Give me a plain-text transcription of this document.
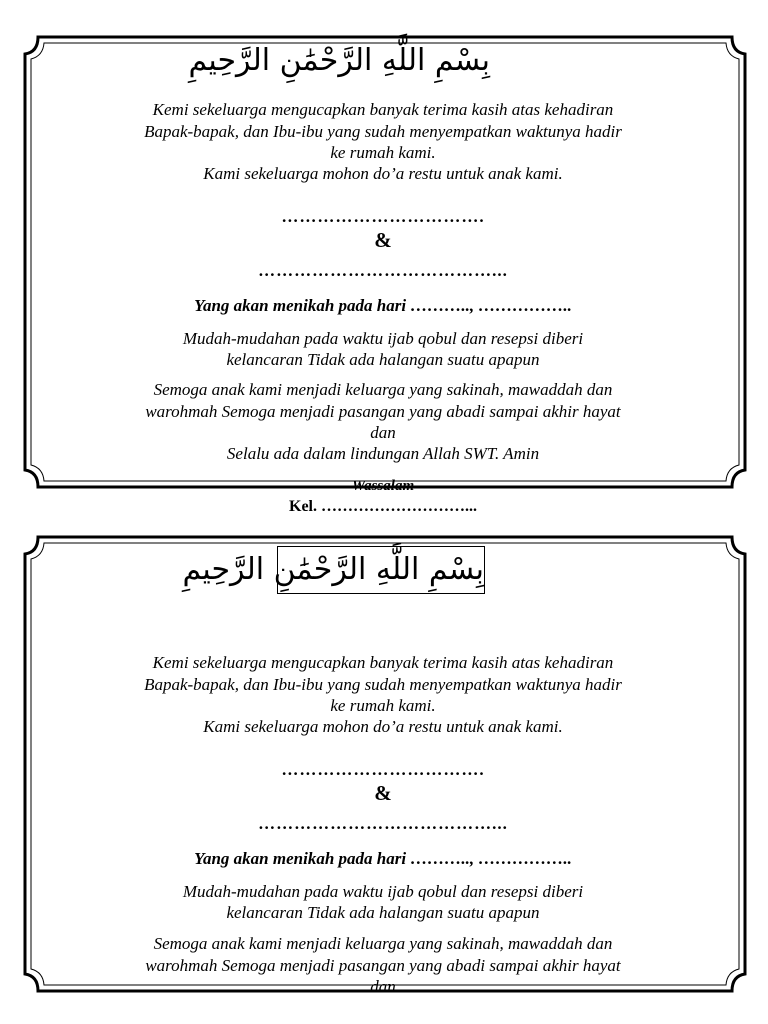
بِسْمِ اللَّهِ الرَّحْمَٰنِ الرَّحِيمِ
Kemi sekeluarga mengucapkan banyak terima kasih atas kehadiran
Bapak-bapak, dan Ibu-ibu yang sudah menyempatkan waktunya hadir
ke rumah kami.
Kami sekeluarga mohon do’a restu untuk anak kami.
…………………………….
&
…………………………………...
Yang akan menikah pada hari ……….., ……………..
Mudah-mudahan pada waktu ijab qobul dan resepsi diberi
kelancaran Tidak ada halangan suatu apapun
Semoga anak kami menjadi keluarga yang sakinah, mawaddah dan
warohmah Semoga menjadi pasangan yang abadi sampai akhir hayat
dan
Selalu ada dalam lindungan Allah SWT. Amin
Wassalam
Kel. ………………………...
بِسْمِ اللَّهِ الرَّحْمَٰنِ الرَّحِيمِ
Kemi sekeluarga mengucapkan banyak terima kasih atas kehadiran
Bapak-bapak, dan Ibu-ibu yang sudah menyempatkan waktunya hadir
ke rumah kami.
Kami sekeluarga mohon do’a restu untuk anak kami.
…………………………….
&
…………………………………...
Yang akan menikah pada hari ……….., ……………..
Mudah-mudahan pada waktu ijab qobul dan resepsi diberi
kelancaran Tidak ada halangan suatu apapun
Semoga anak kami menjadi keluarga yang sakinah, mawaddah dan
warohmah Semoga menjadi pasangan yang abadi sampai akhir hayat
dan
